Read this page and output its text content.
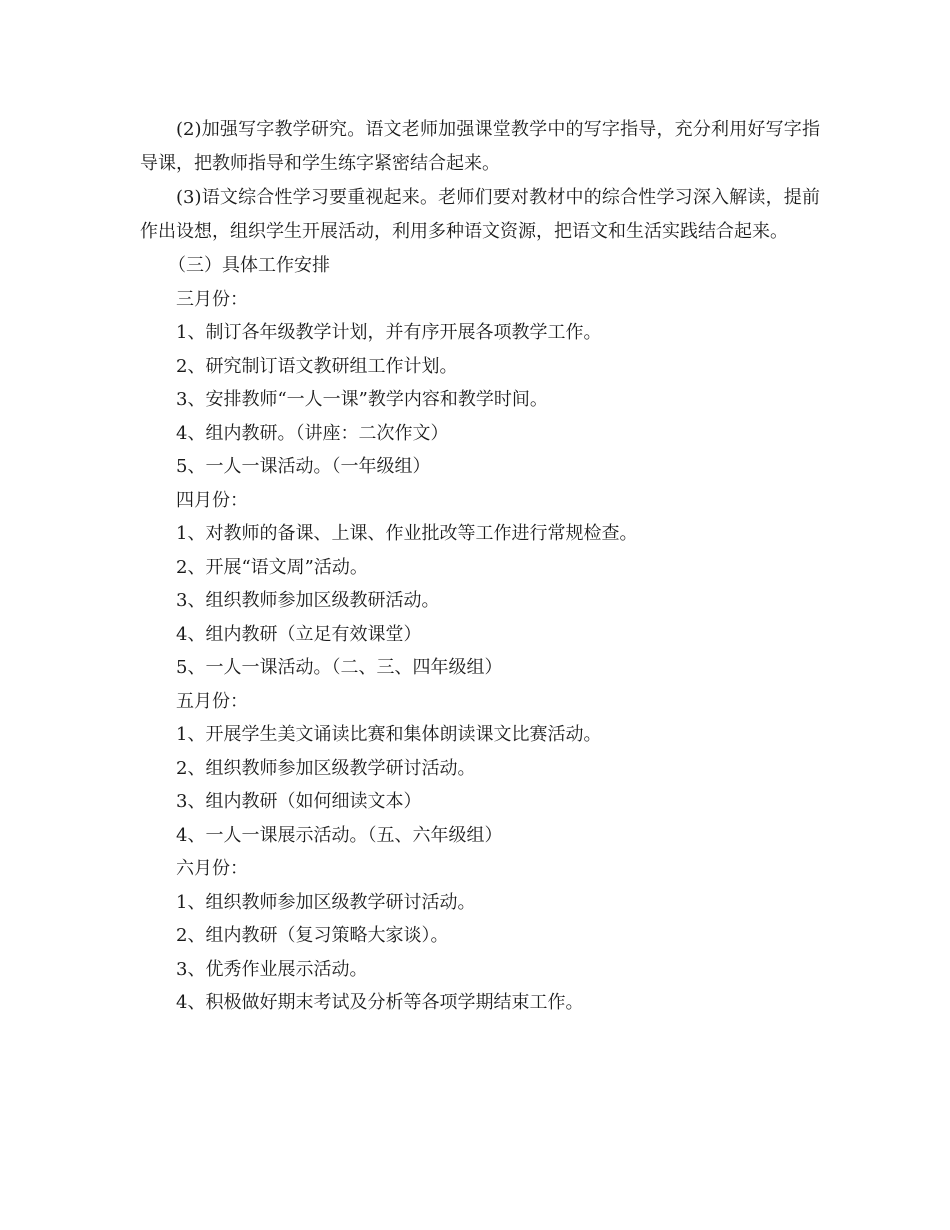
(2)加强写字教学研究。语文老师加强课堂教学中的写字指导，充分利用好写字指导课，把教师指导和学生练字紧密结合起来。

(3)语文综合性学习要重视起来。老师们要对教材中的综合性学习深入解读，提前作出设想，组织学生开展活动，利用多种语文资源，把语文和生活实践结合起来。

（三）具体工作安排

三月份：

1、制订各年级教学计划，并有序开展各项教学工作。

2、研究制订语文教研组工作计划。

3、安排教师“一人一课”教学内容和教学时间。

4、组内教研。（讲座：二次作文）

5、一人一课活动。（一年级组）

四月份：

1、对教师的备课、上课、作业批改等工作进行常规检查。

2、开展“语文周”活动。

3、组织教师参加区级教研活动。

4、组内教研（立足有效课堂）

5、一人一课活动。（二、三、四年级组）

五月份：

1、开展学生美文诵读比赛和集体朗读课文比赛活动。

2、组织教师参加区级教学研讨活动。

3、组内教研（如何细读文本）

4、一人一课展示活动。（五、六年级组）

六月份：

1、组织教师参加区级教学研讨活动。

2、组内教研（复习策略大家谈）。

3、优秀作业展示活动。

4、积极做好期末考试及分析等各项学期结束工作。
